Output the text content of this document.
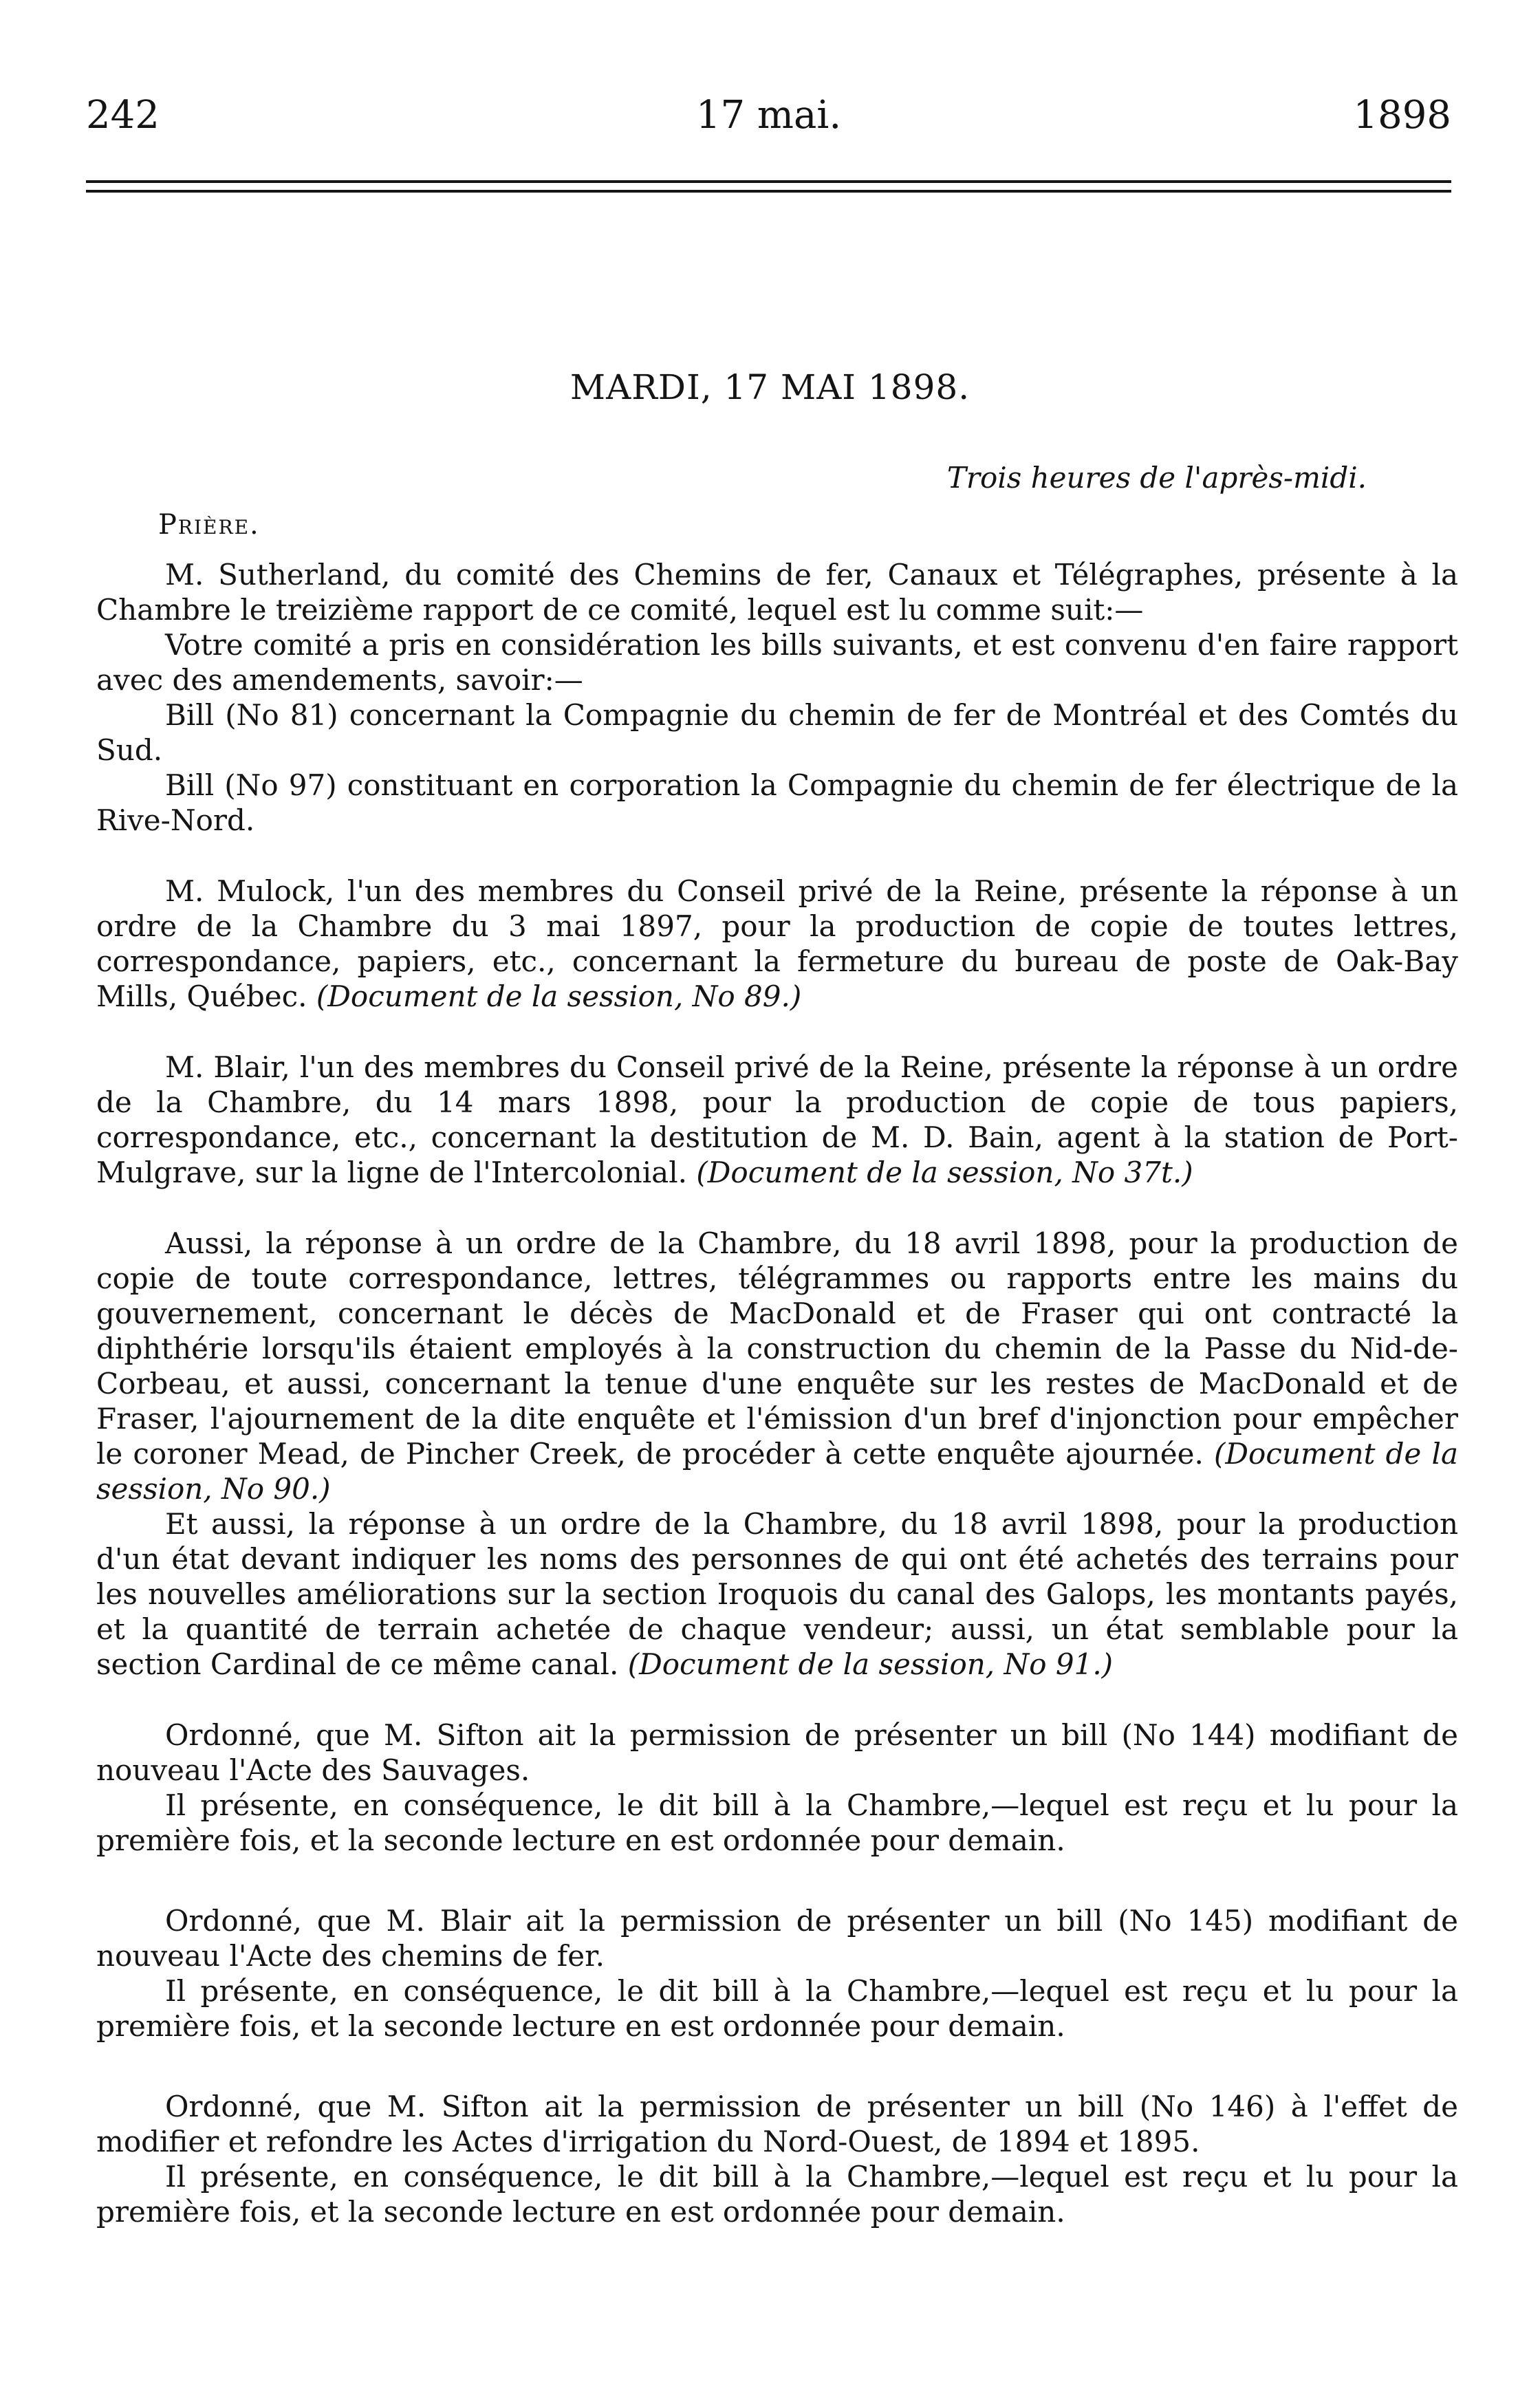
242	17 mai.	1898
MARDI, 17 MAI 1898.
Trois heures de l'après-midi.
Prière.

M. Sutherland, du comité des Chemins de fer, Canaux et Télégraphes, présente à la Chambre le treizième rapport de ce comité, lequel est lu comme suit:—

Votre comité a pris en considération les bills suivants, et est convenu d'en faire rapport avec des amendements, savoir:—

Bill (No 81) concernant la Compagnie du chemin de fer de Montréal et des Comtés du Sud.

Bill (No 97) constituant en corporation la Compagnie du chemin de fer électrique de la Rive-Nord.

M. Mulock, l'un des membres du Conseil privé de la Reine, présente la réponse à un ordre de la Chambre du 3 mai 1897, pour la production de copie de toutes lettres, correspondance, papiers, etc., concernant la fermeture du bureau de poste de Oak-Bay Mills, Québec. (Document de la session, No 89.)

M. Blair, l'un des membres du Conseil privé de la Reine, présente la réponse à un ordre de la Chambre, du 14 mars 1898, pour la production de copie de tous papiers, correspondance, etc., concernant la destitution de M. D. Bain, agent à la station de Port-Mulgrave, sur la ligne de l'Intercolonial. (Document de la session, No 37t.)

Aussi, la réponse à un ordre de la Chambre, du 18 avril 1898, pour la production de copie de toute correspondance, lettres, télégrammes ou rapports entre les mains du gouvernement, concernant le décès de MacDonald et de Fraser qui ont contracté la diphthérie lorsqu'ils étaient employés à la construction du chemin de la Passe du Nid-de-Corbeau, et aussi, concernant la tenue d'une enquête sur les restes de MacDonald et de Fraser, l'ajournement de la dite enquête et l'émission d'un bref d'injonction pour empêcher le coroner Mead, de Pincher Creek, de procéder à cette enquête ajournée. (Document de la session, No 90.)

Et aussi, la réponse à un ordre de la Chambre, du 18 avril 1898, pour la production d'un état devant indiquer les noms des personnes de qui ont été achetés des terrains pour les nouvelles améliorations sur la section Iroquois du canal des Galops, les montants payés, et la quantité de terrain achetée de chaque vendeur; aussi, un état semblable pour la section Cardinal de ce même canal. (Document de la session, No 91.)

Ordonné, que M. Sifton ait la permission de présenter un bill (No 144) modifiant de nouveau l'Acte des Sauvages.

Il présente, en conséquence, le dit bill à la Chambre,—lequel est reçu et lu pour la première fois, et la seconde lecture en est ordonnée pour demain.

Ordonné, que M. Blair ait la permission de présenter un bill (No 145) modifiant de nouveau l'Acte des chemins de fer.

Il présente, en conséquence, le dit bill à la Chambre,—lequel est reçu et lu pour la première fois, et la seconde lecture en est ordonnée pour demain.

Ordonné, que M. Sifton ait la permission de présenter un bill (No 146) à l'effet de modifier et refondre les Actes d'irrigation du Nord-Ouest, de 1894 et 1895.

Il présente, en conséquence, le dit bill à la Chambre,—lequel est reçu et lu pour la première fois, et la seconde lecture en est ordonnée pour demain.
